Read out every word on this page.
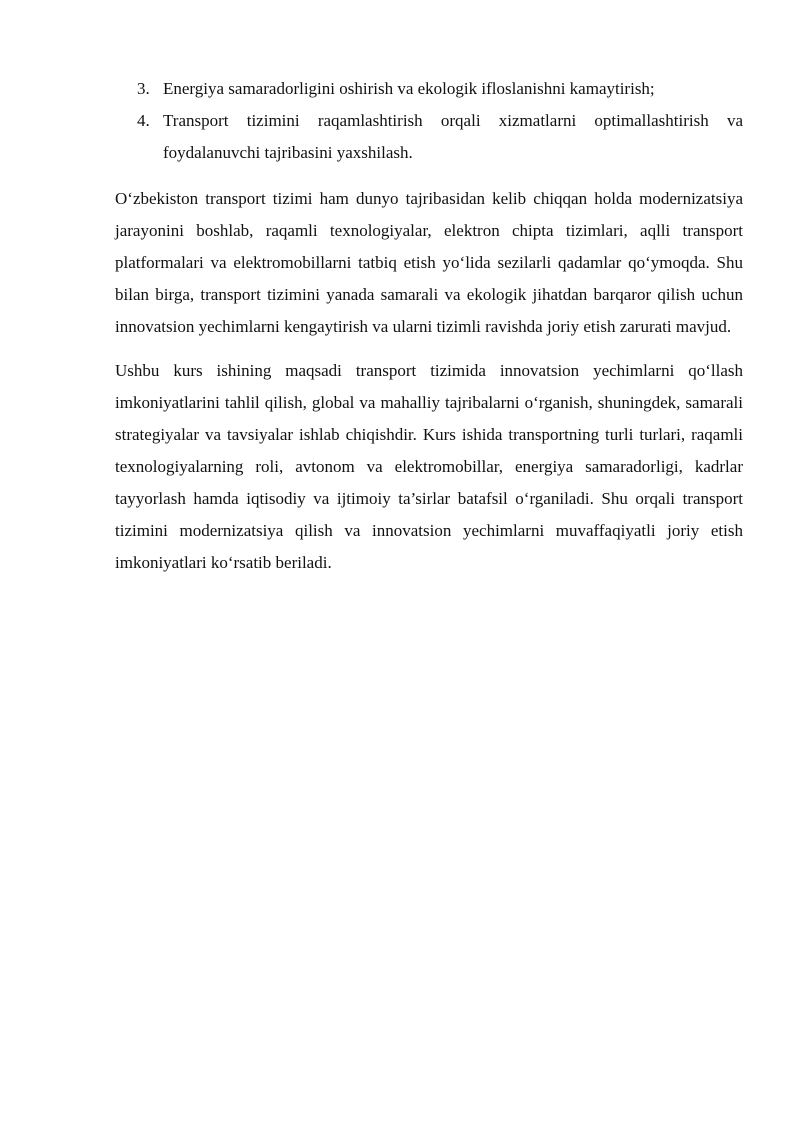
3. Energiya samaradorligini oshirish va ekologik ifloslanishni kamaytirish;
4. Transport tizimini raqamlashtirish orqali xizmatlarni optimallashtirish va foydalanuvchi tajribasini yaxshilash.

O‘zbekiston transport tizimi ham dunyo tajribasidan kelib chiqqan holda modernizatsiya jarayonini boshlab, raqamli texnologiyalar, elektron chipta tizimlari, aqlli transport platformalari va elektromobillarni tatbiq etish yo‘lida sezilarli qadamlar qo‘ymoqda. Shu bilan birga, transport tizimini yanada samarali va ekologik jihatdan barqaror qilish uchun innovatsion yechimlarni kengaytirish va ularni tizimli ravishda joriy etish zarurati mavjud.

Ushbu kurs ishining maqsadi transport tizimida innovatsion yechimlarni qo‘llash imkoniyatlarini tahlil qilish, global va mahalliy tajribalarni o‘rganish, shuningdek, samarali strategiyalar va tavsiyalar ishlab chiqishdir. Kurs ishida transportning turli turlari, raqamli texnologiyalarning roli, avtonom va elektromobillar, energiya samaradorligi, kadrlar tayyorlash hamda iqtisodiy va ijtimoiy ta’sirlar batafsil o‘rganiladi. Shu orqali transport tizimini modernizatsiya qilish va innovatsion yechimlarni muvaffaqiyatli joriy etish imkoniyatlari ko‘rsatib beriladi.
